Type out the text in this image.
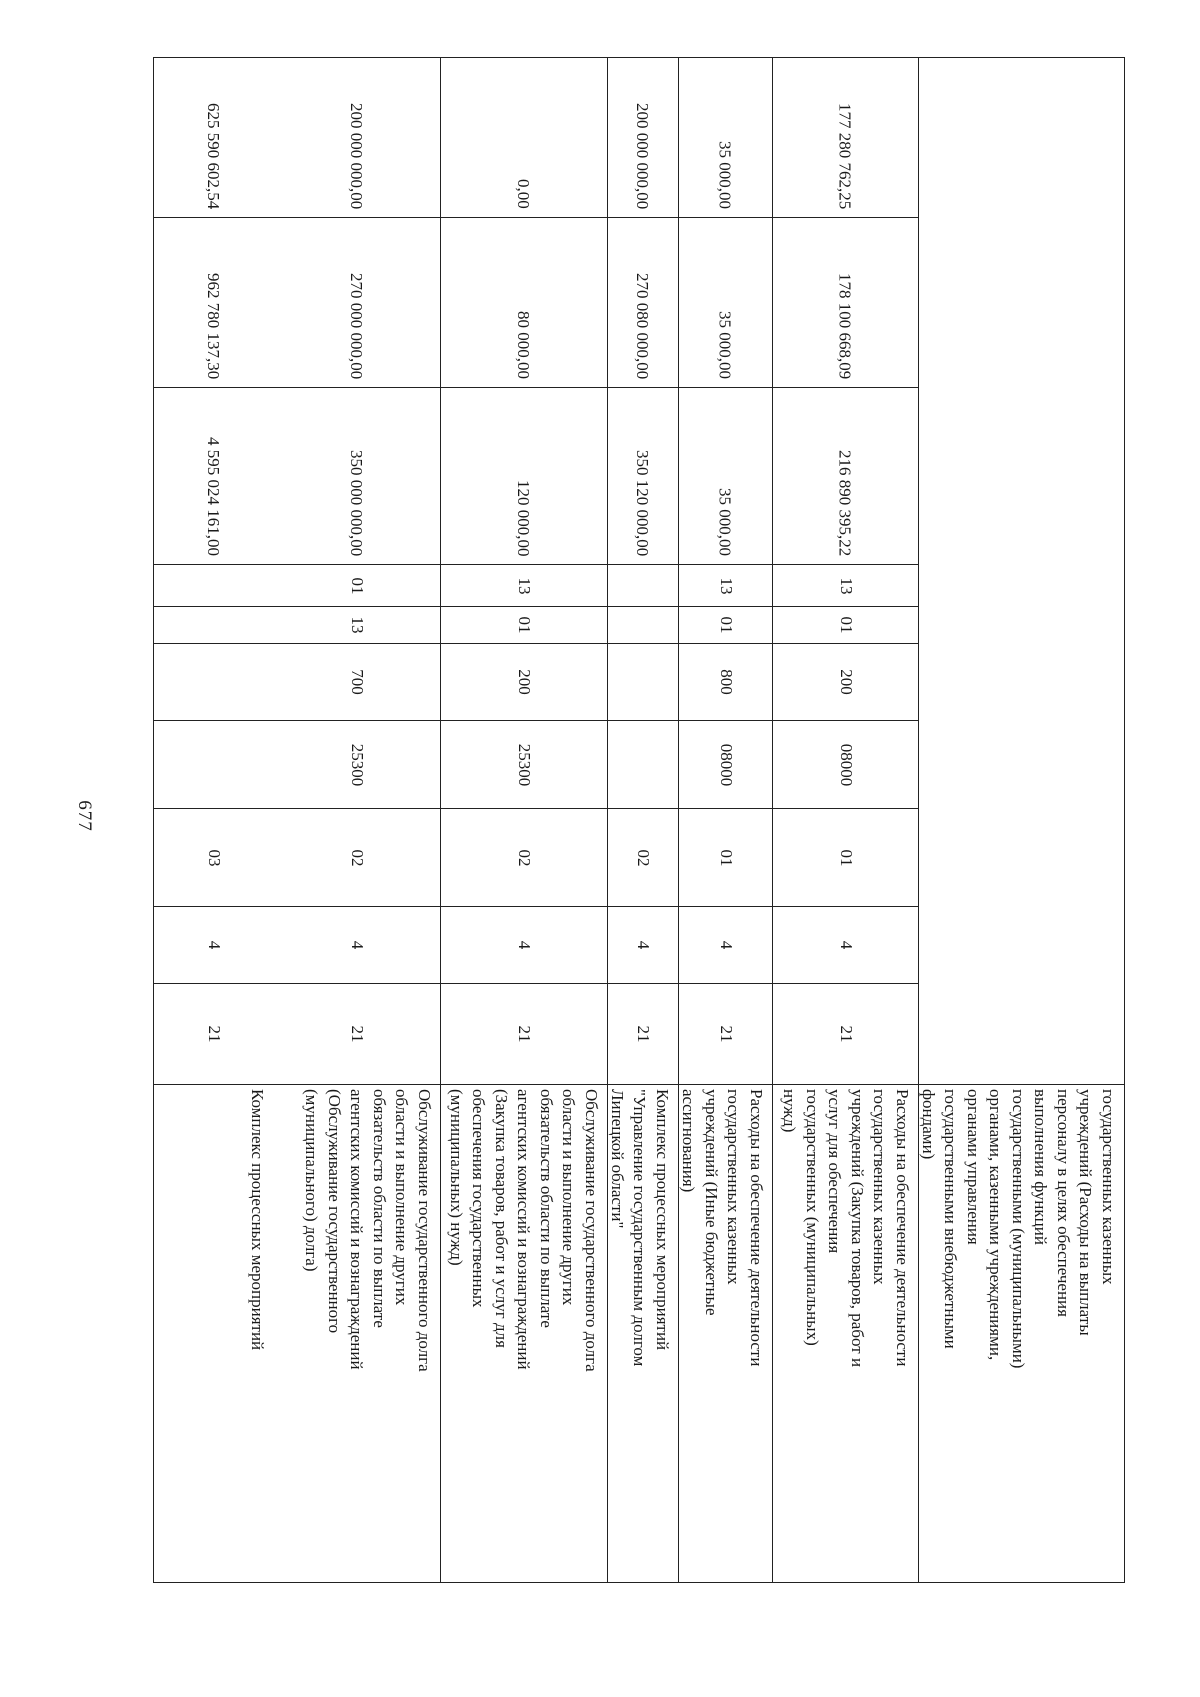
677
государственных казенных
учреждений (Расходы на выплаты
персоналу в целях обеспечения
выполнения функций
государственными (муниципальными)
органами, казенными учреждениями,
органами управления
государственными внебюджетными
фондами)
177 280 762,25
178 100 668,09
216 890 395,22
13
01
200
08000
01
4
21
Расходы на обеспечение деятельности
государственных казенных
учреждений (Закупка товаров, работ и
услуг для обеспечения
государственных (муниципальных)
нужд)
35 000,00
35 000,00
35 000,00
13
01
800
08000
01
4
21
Расходы на обеспечение деятельности
государственных казенных
учреждений (Иные бюджетные
ассигнования)
200 000 000,00
270 080 000,00
350 120 000,00
02
4
21
Комплекс процессных мероприятий
"Управление государственным долгом
Липецкой области"
0,00
80 000,00
120 000,00
13
01
200
25300
02
4
21
Обслуживание государственного долга
области и выполнение других
обязательств области по выплате
агентских комиссий и вознаграждений
(Закупка товаров, работ и услуг для
обеспечения государственных
(муниципальных) нужд)
200 000 000,00
270 000 000,00
350 000 000,00
01
13
700
25300
02
4
21
Обслуживание государственного долга
области и выполнение других
обязательств области по выплате
агентских комиссий и вознаграждений
(Обслуживание государственного
(муниципального) долга)
625 590 602,54
962 780 137,30
4 595 024 161,00
03
4
21
Комплекс процессных мероприятий
